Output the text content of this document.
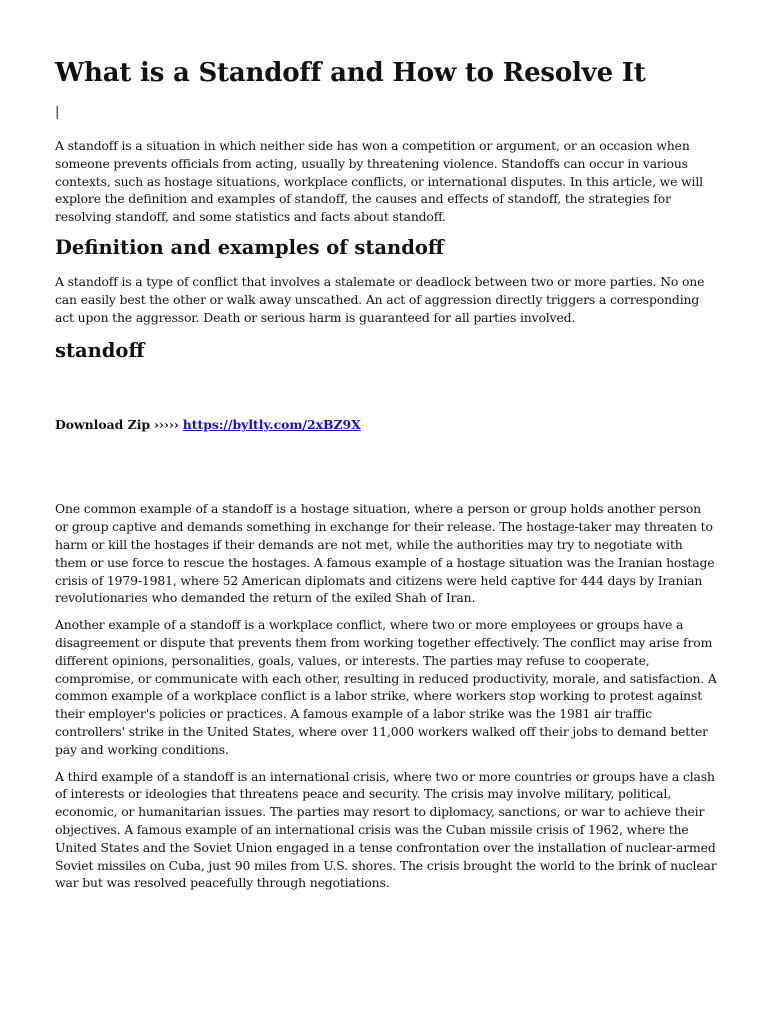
What is a Standoff and How to Resolve It
|

A standoff is a situation in which neither side has won a competition or argument, or an occasion when someone prevents officials from acting, usually by threatening violence. Standoffs can occur in various contexts, such as hostage situations, workplace conflicts, or international disputes. In this article, we will explore the definition and examples of standoff, the causes and effects of standoff, the strategies for resolving standoff, and some statistics and facts about standoff.

Definition and examples of standoff

A standoff is a type of conflict that involves a stalemate or deadlock between two or more parties. No one can easily best the other or walk away unscathed. An act of aggression directly triggers a corresponding act upon the aggressor. Death or serious harm is guaranteed for all parties involved.

standoff
Download Zip ››››› https://byltly.com/2xBZ9X

One common example of a standoff is a hostage situation, where a person or group holds another person or group captive and demands something in exchange for their release. The hostage-taker may threaten to harm or kill the hostages if their demands are not met, while the authorities may try to negotiate with them or use force to rescue the hostages. A famous example of a hostage situation was the Iranian hostage crisis of 1979-1981, where 52 American diplomats and citizens were held captive for 444 days by Iranian revolutionaries who demanded the return of the exiled Shah of Iran.

Another example of a standoff is a workplace conflict, where two or more employees or groups have a disagreement or dispute that prevents them from working together effectively. The conflict may arise from different opinions, personalities, goals, values, or interests. The parties may refuse to cooperate, compromise, or communicate with each other, resulting in reduced productivity, morale, and satisfaction. A common example of a workplace conflict is a labor strike, where workers stop working to protest against their employer's policies or practices. A famous example of a labor strike was the 1981 air traffic controllers' strike in the United States, where over 11,000 workers walked off their jobs to demand better pay and working conditions.

A third example of a standoff is an international crisis, where two or more countries or groups have a clash of interests or ideologies that threatens peace and security. The crisis may involve military, political, economic, or humanitarian issues. The parties may resort to diplomacy, sanctions, or war to achieve their objectives. A famous example of an international crisis was the Cuban missile crisis of 1962, where the United States and the Soviet Union engaged in a tense confrontation over the installation of nuclear-armed Soviet missiles on Cuba, just 90 miles from U.S. shores. The crisis brought the world to the brink of nuclear war but was resolved peacefully through negotiations.
